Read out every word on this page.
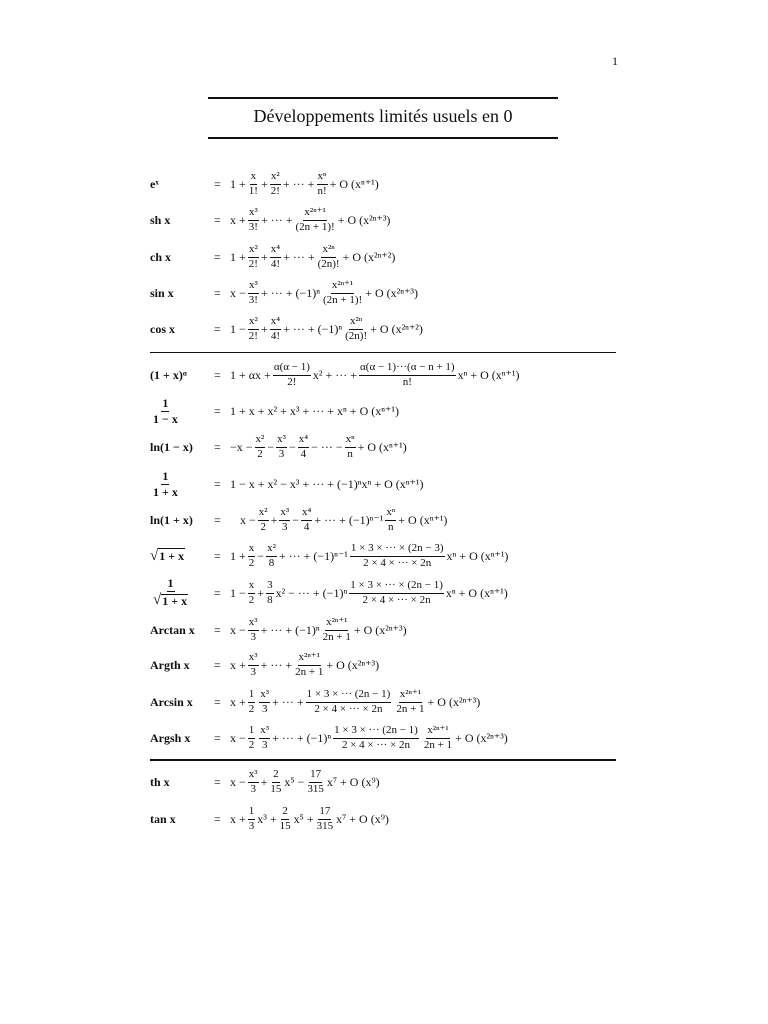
1
Développements limités usuels en 0
eˣ	= $1 + \frac{x}{1!} + \frac{\text{x²}}{2!}$ + ··· + $\frac{\text{xⁿ}}{n!} + O$ (xⁿ⁺¹)
sh x	= $x + \frac{\text{x³}}{3!}$ + ··· + $\frac{\text{x²ⁿ⁺¹}}{(2n + 1)!} + O$ (x²ⁿ⁺³)
ch x	= $1 + \frac{\text{x²}}{2!} + \frac{\text{x⁴}}{4!}$ + ··· + $\frac{\text{x²ⁿ}}{(2n)!} + O$ (x²ⁿ⁺²)
sin x	= $x - \frac{\text{x³}}{3!}$ + ··· + $(-1)^n \frac{\text{x²ⁿ⁺¹}}{(2n + 1)!} + O$ (x²ⁿ⁺³)
cos x	= $1 - \frac{\text{x²}}{2!} + \frac{\text{x⁴}}{4!}$ + ··· + $(-1)^n \frac{\text{x²ⁿ}}{(2n)!} + O$ (x²ⁿ⁺²)
(1 + x)ᵅ = $1 + \alpha x + \frac{\alpha(\alpha - 1)}{2!} x^2$ + ··· + $\frac{\alpha(\alpha - 1)\cdot\cdot\cdot(\alpha - n + 1)}{n!}$ xⁿ + O (xⁿ⁺¹)
$\frac{1}{1 - x}$	= 1 + x + x² + x³ + ··· + xⁿ + O (xⁿ⁺¹)
$\ln(1 - x) = -x - \frac{\text{x²}}{2} - \frac{\text{x³}}{3} - \frac{\text{x⁴}}{4}$ − ··· − $\frac{\text{xⁿ}}{n} + O$ (xⁿ⁺¹)
$\frac{1}{1 + x}$	= 1 − x + x² − x³ + ··· + (−1)ⁿxⁿ + O (xⁿ⁺¹)
$\ln(1 + x) = x - \frac{\text{x²}}{2} + \frac{\text{x³}}{3} - \frac{\text{x⁴}}{4}$ + ··· + $(-1)^{n-1} \frac{\text{xⁿ}}{n} + O$ (xⁿ⁺¹)
√ $1 + x = 1 + \frac{x}{2} - \frac{\text{x²}}{8}$ + ··· + $(-1)^{n-1} \frac{1 \times 3 \times \cdot\cdot\cdot \times (2n - 3)}{2 \times 4 \times \cdot\cdot\cdot \times 2n}$ xⁿ + O (xⁿ⁺¹)
$\frac{1}{√ 1 + x} = 1 - \frac{x}{2} + \frac{3}{8} x^2$ − ··· + $(-1)^n \frac{1 \times 3 \times \cdot\cdot\cdot \times (2n - 1)}{2 \times 4 \times \cdot\cdot\cdot \times 2n}$ xⁿ + O (xⁿ⁺¹)
Arctan $x = x - \frac{\text{x³}}{3}$ + ··· + $(-1)^n \frac{\text{x²ⁿ⁺¹}}{2n + 1} + O$ (x²ⁿ⁺³)
Argth $x = x + \frac{\text{x³}}{3}$ + ··· + $\frac{\text{x²ⁿ⁺¹}}{2n + 1} + O$ (x²ⁿ⁺³)
Arcsin $x = x + \frac{1}{2} \frac{\text{x³}}{3}$ + ··· + $\frac{1 \times 3 \times \cdot\cdot\cdot (2n - 1)}{2 \times 4 \times \cdot\cdot\cdot \times 2n} \frac{\text{x²ⁿ⁺¹}}{2n + 1} + O$ (x²ⁿ⁺³)
Argsh $x = x - \frac{1}{2} \frac{\text{x³}}{3}$ + ··· + $(-1)^n \frac{1 \times 3 \times \cdot\cdot\cdot (2n - 1)}{2 \times 4 \times \cdot\cdot\cdot \times 2n} \frac{\text{x²ⁿ⁺¹}}{2n + 1} + O$ (x²ⁿ⁺³)
th x	= $x - \frac{\text{x³}}{3} + \frac{2}{15} x^5 - \frac{17}{315} x^7 + O$ (x⁹)
tan x	= $x + \frac{1}{3} x^3 + \frac{2}{15} x^5 + \frac{17}{315} x^7 + O$ (x⁹)
